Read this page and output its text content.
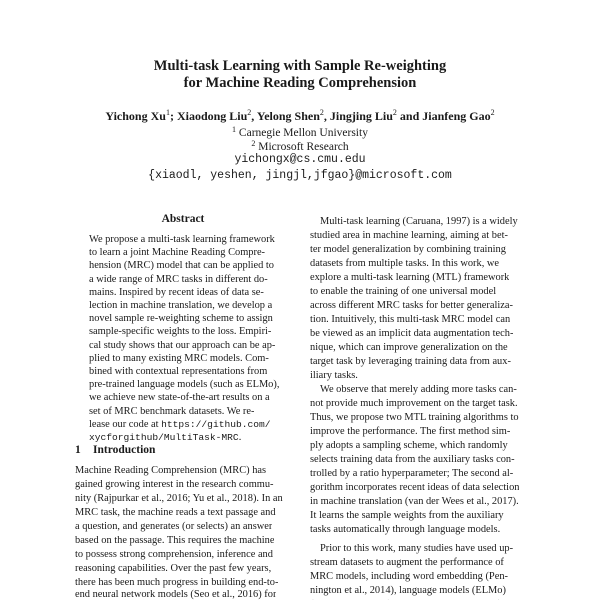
Multi-task Learning with Sample Re-weighting
for Machine Reading Comprehension
Yichong Xu$^1$; Xiaodong Liu$^2$, Yelong Shen$^2$, Jingjing Liu$^2$ and Jianfeng Gao$^2$
$^1$ Carnegie Mellon University
$^2$ Microsoft Research
yichongx@cs.cmu.edu
{xiaodl, yeshen, jingjl,jfgao}@microsoft.com
Abstract
We propose a multi-task learning framework
to learn a joint Machine Reading Compre-
hension (MRC) model that can be applied to
a wide range of MRC tasks in different do-
mains. Inspired by recent ideas of data se-
lection in machine translation, we develop a
novel sample re-weighting scheme to assign
sample-specific weights to the loss. Empiri-
cal study shows that our approach can be ap-
plied to many existing MRC models. Com-
bined with contextual representations from
pre-trained language models (such as ELMo),
we achieve new state-of-the-art results on a
set of MRC benchmark datasets. We re-
1 Introduction
Machine Reading Comprehension (MRC) has
gained growing interest in the research commu-
nity (Rajpurkar et al., 2016; Yu et al., 2018). In an
MRC task, the machine reads a text passage and
a question, and generates (or selects) an answer
based on the passage. This requires the machine
to possess strong comprehension, inference and
reasoning capabilities. Over the past few years,
there has been much progress in building end-to-
end neural network models (Seo et al., 2016) for
Multi-task learning (Caruana, 1997) is a widely
studied area in machine learning, aiming at bet-
ter model generalization by combining training
datasets from multiple tasks. In this work, we
explore a multi-task learning (MTL) framework
to enable the training of one universal model
across different MRC tasks for better generaliza-
tion. Intuitively, this multi-task MRC model can
be viewed as an implicit data augmentation tech-
nique, which can improve generalization on the
target task by leveraging training data from aux-
iliary tasks.
We observe that merely adding more tasks can-
not provide much improvement on the target task.
Thus, we propose two MTL training algorithms to
improve the performance. The first method sim-
ply adopts a sampling scheme, which randomly
selects training data from the auxiliary tasks con-
trolled by a ratio hyperparameter; The second al-
gorithm incorporates recent ideas of data selection
in machine translation (van der Wees et al., 2017).
It learns the sample weights from the auxiliary
tasks automatically through language models.
Prior to this work, many studies have used up-
stream datasets to augment the performance of
MRC models, including word embedding (Pen-
nington et al., 2014), language models (ELMo)
lease our code at https://github.com/
xycforgithub/MultiTask-MRC.
